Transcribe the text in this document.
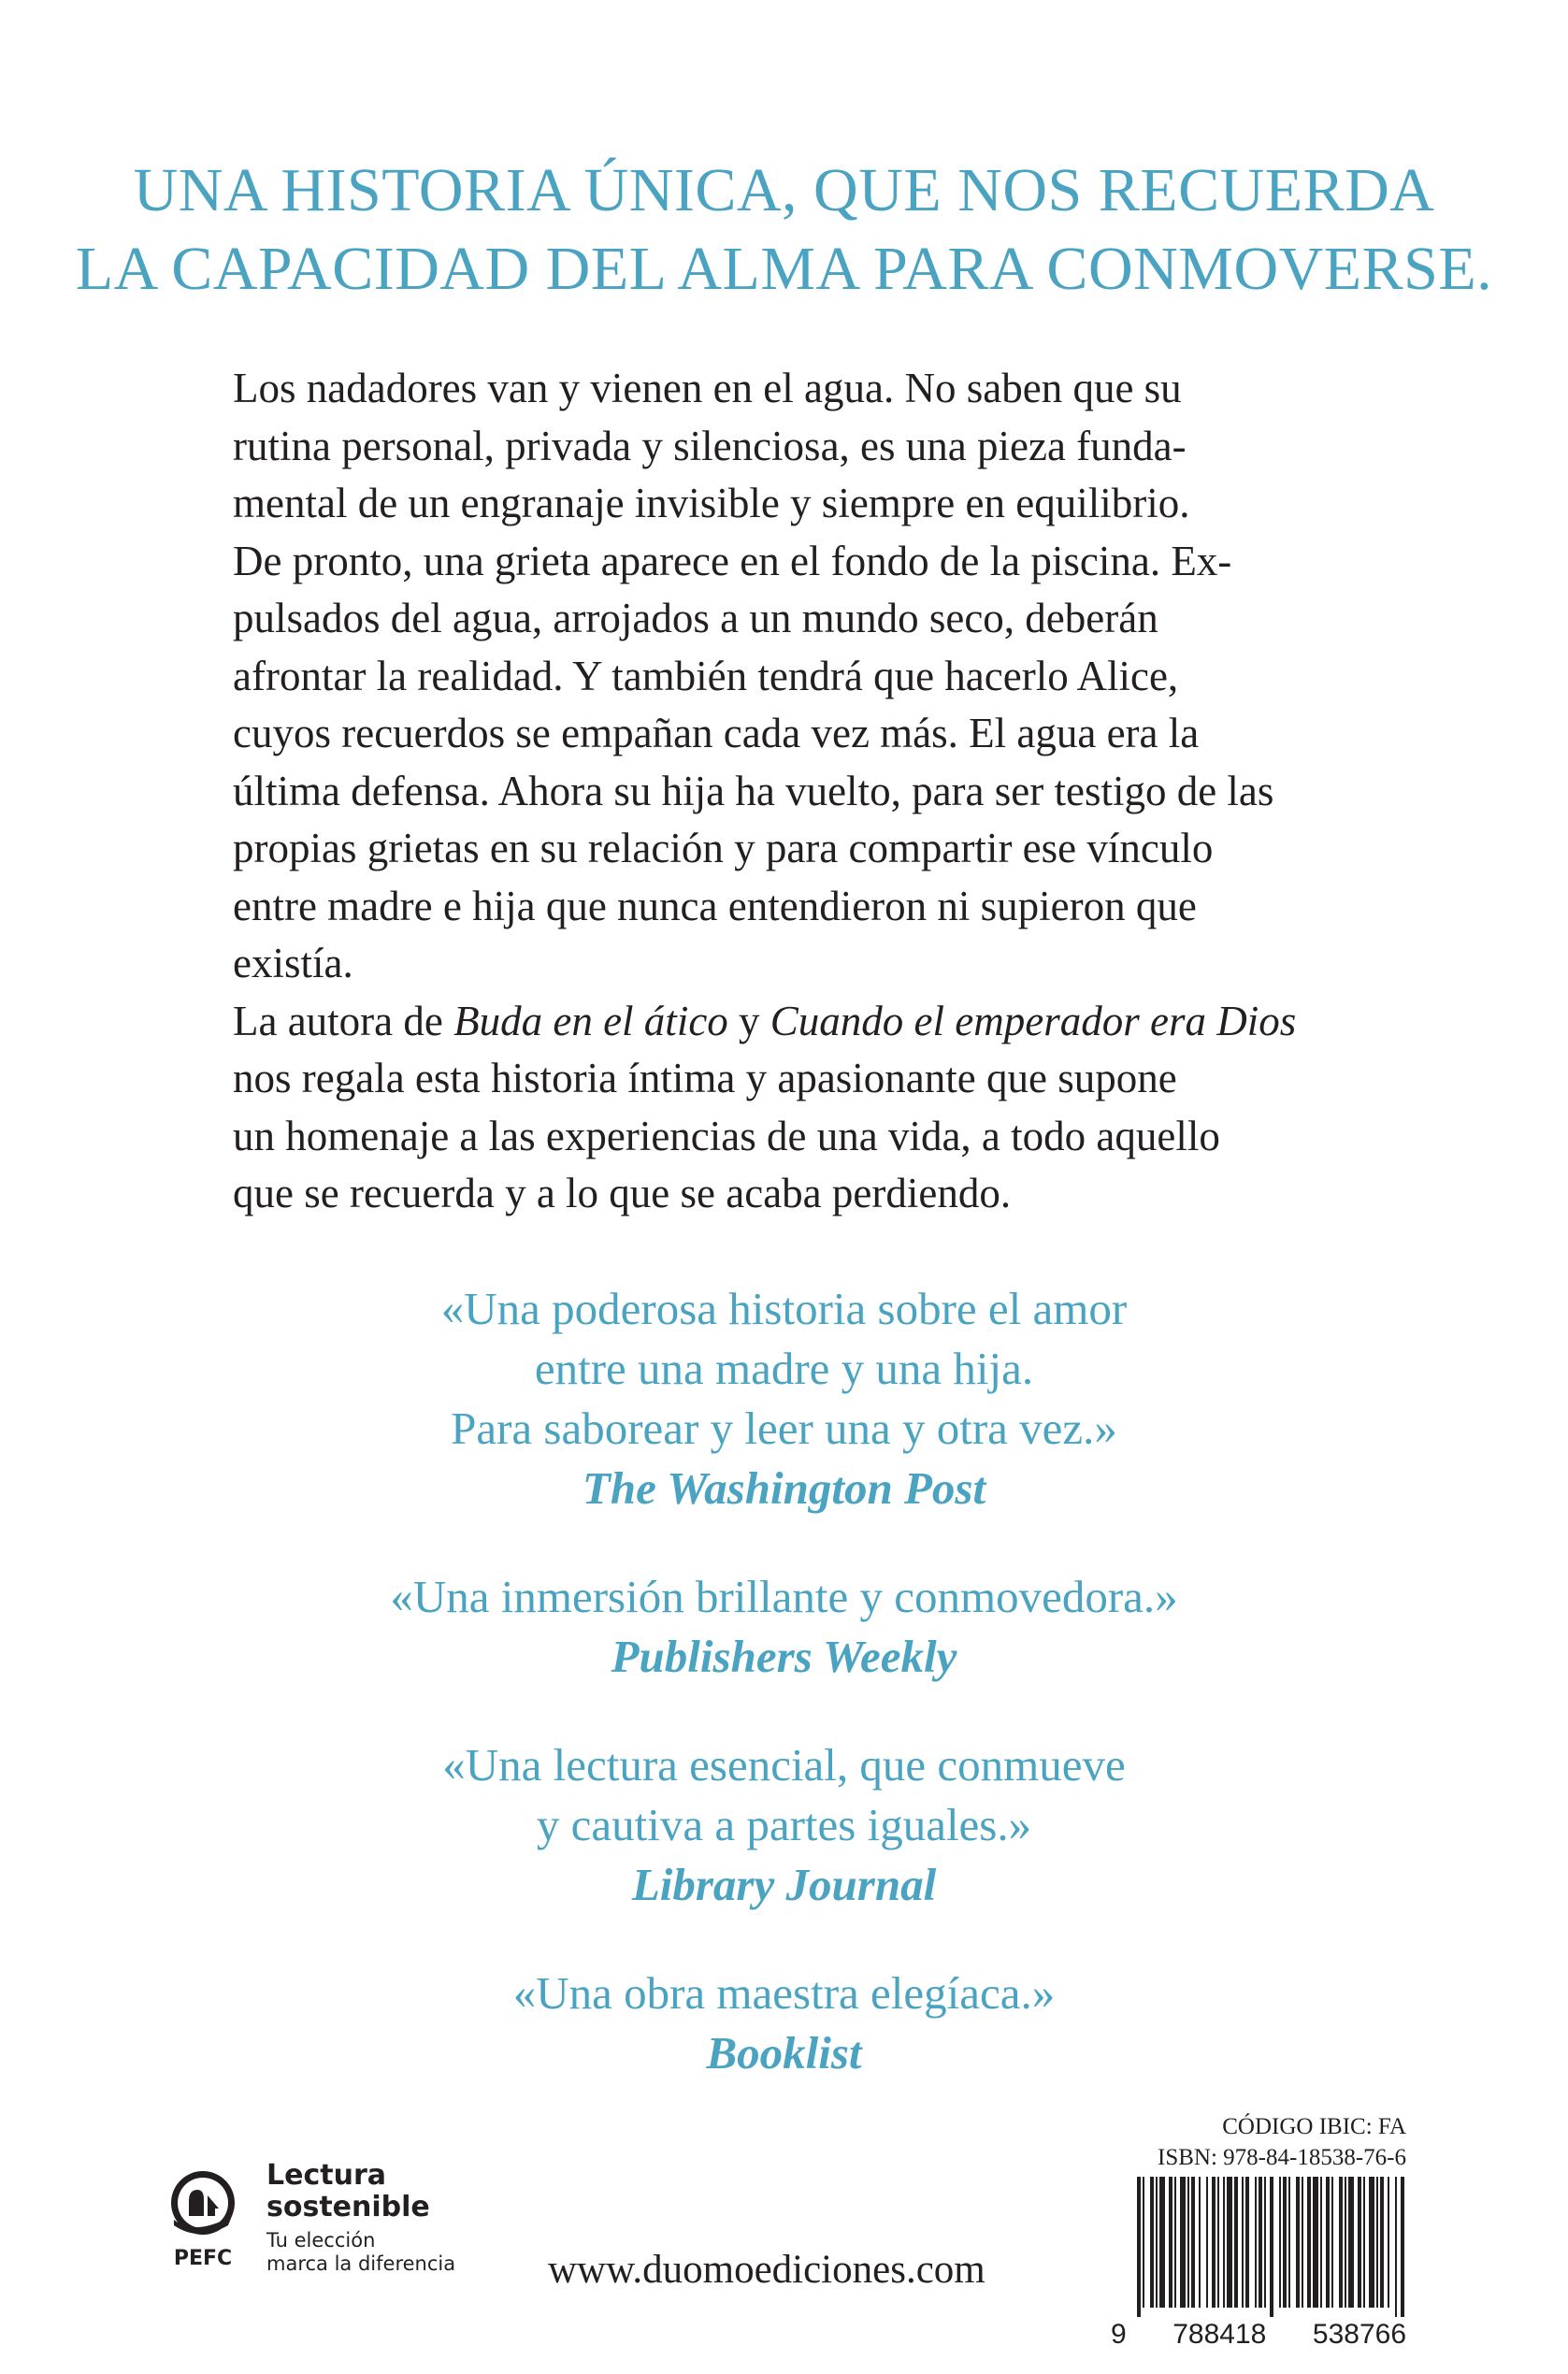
UNA HISTORIA ÚNICA, QUE NOS RECUERDA
LA CAPACIDAD DEL ALMA PARA CONMOVERSE.

Los nadadores van y vienen en el agua. No saben que su
rutina personal, privada y silenciosa, es una pieza funda-
mental de un engranaje invisible y siempre en equilibrio.
De pronto, una grieta aparece en el fondo de la piscina. Ex-
pulsados del agua, arrojados a un mundo seco, deberán
afrontar la realidad. Y también tendrá que hacerlo Alice,
cuyos recuerdos se empañan cada vez más. El agua era la
última defensa. Ahora su hija ha vuelto, para ser testigo de las
propias grietas en su relación y para compartir ese vínculo
entre madre e hija que nunca entendieron ni supieron que
existía.

La autora de Buda en el ático y Cuando el emperador era Dios
nos regala esta historia íntima y apasionante que supone
un homenaje a las experiencias de una vida, a todo aquello
que se recuerda y a lo que se acaba perdiendo.

«Una poderosa historia sobre el amor
entre una madre y una hija.
Para saborear y leer una y otra vez.»
The Washington Post
«Una inmersión brillante y conmovedora.»
Publishers Weekly
«Una lectura esencial, que conmueve
y cautiva a partes iguales.»
Library Journal
«Una obra maestra elegíaca.»
Booklist
PEFC
Lectura
sostenible
Tu elección
marca la diferencia www.duomoediciones.com
CÓDIGO IBIC: FA
ISBN: 978-84-18538-76-6
9 788418 538766
